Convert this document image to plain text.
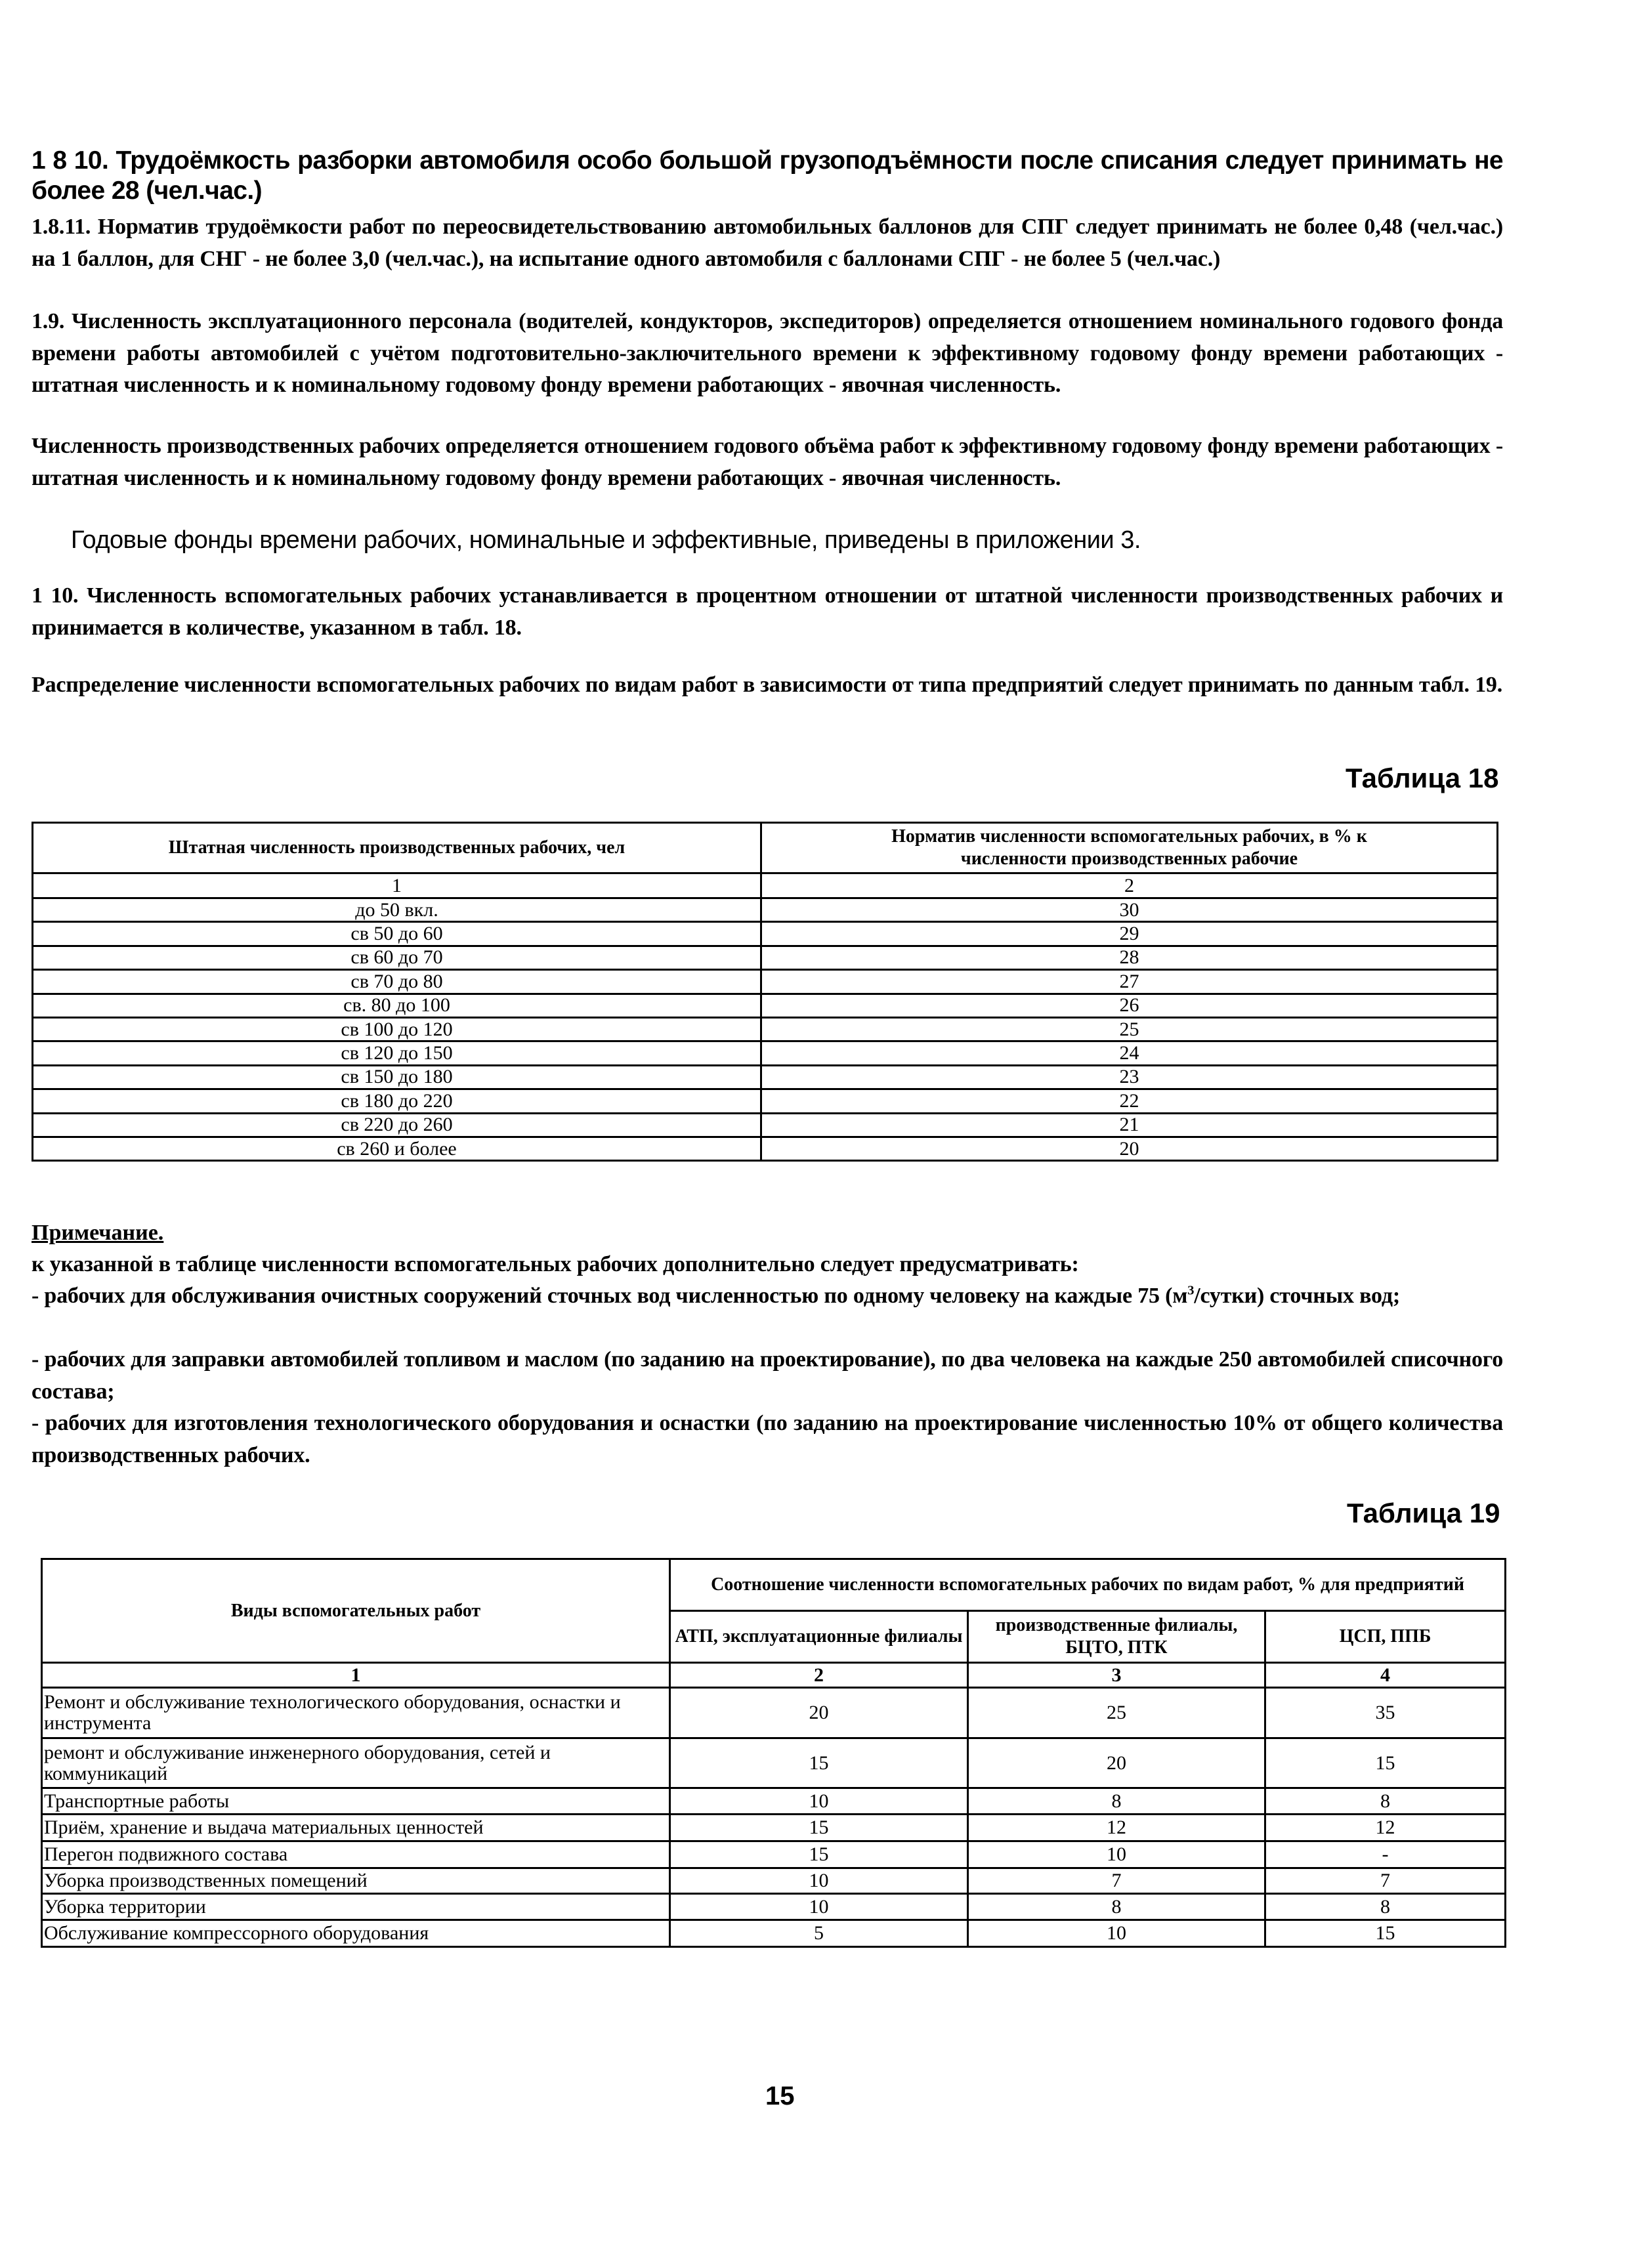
1 8 10. Трудоёмкость разборки автомобиля особо большой грузоподъёмности после списания следует принимать не более 28 (чел.час.)
1.8.11. Норматив трудоёмкости работ по переосвидетельствованию автомобильных баллонов для СПГ следует принимать не более 0,48 (чел.час.) на 1 баллон, для СНГ - не более 3,0 (чел.час.), на испытание одного автомобиля с баллонами СПГ - не более 5 (чел.час.)
1.9. Численность эксплуатационного персонала (водителей, кондукторов, экспедиторов) определяется отношением номинального годового фонда времени работы автомобилей с учётом подготовительно-заключительного времени к эффективному годовому фонду времени работающих - штатная численность и к номинальному годовому фонду времени работающих - явочная численность.
Численность производственных рабочих определяется отношением годового объёма работ к эффективному годовому фонду времени работающих - штатная численность и к номинальному годовому фонду времени работающих - явочная численность.
Годовые фонды времени рабочих, номинальные и эффективные, приведены в приложении 3.
1 10. Численность вспомогательных рабочих устанавливается в процентном отношении от штатной численности производственных рабочих и принимается в количестве, указанном в табл. 18.
Распределение численности вспомогательных рабочих по видам работ в зависимости от типа предприятий следует принимать по данным табл. 19.
Таблица 18
Штатная численность производственных рабочих, чел	Норматив численности вспомогательных рабочих, в % к численности производственных рабочие
1	2
до 50 вкл.	30
св 50 до 60	29
св 60 до 70	28
св 70 до 80	27
св. 80 до 100	26
св 100 до 120	25
св 120 до 150	24
св 150 до 180	23
св 180 до 220	22
св 220 до 260	21
св 260 и более	20
Примечание.
к указанной в таблице численности вспомогательных рабочих дополнительно следует предусматривать:
- рабочих для обслуживания очистных сооружений сточных вод численностью по одному человеку на каждые 75 $(м^3/сутки)$ сточных вод;
- рабочих для заправки автомобилей топливом и маслом (по заданию на проектирование), по два человека на каждые 250 автомобилей списочного состава;
- рабочих для изготовления технологического оборудования и оснастки (по заданию на проектирование численностью 10% от общего количества производственных рабочих.
Таблица 19
Виды вспомогательных работ	Соотношение численности вспомогательных рабочих по видам работ, % для предприятий		
	АТП, эксплуатационные филиалы	производственные филиалы, БЦТО, ПТК	ЦСП, ППБ
1	2	3	4
Ремонт и обслуживание технологического оборудования, оснастки и инструмента	20	25	35
ремонт и обслуживание инженерного оборудования, сетей и коммуникаций	15	20	15
Транспортные работы	10	8	8
Приём, хранение и выдача материальных ценностей	15	12	12
Перегон подвижного состава	15	10	-
Уборка производственных помещений	10	7	7
Уборка территории	10	8	8
Обслуживание компрессорного оборудования	5	10	15
15
